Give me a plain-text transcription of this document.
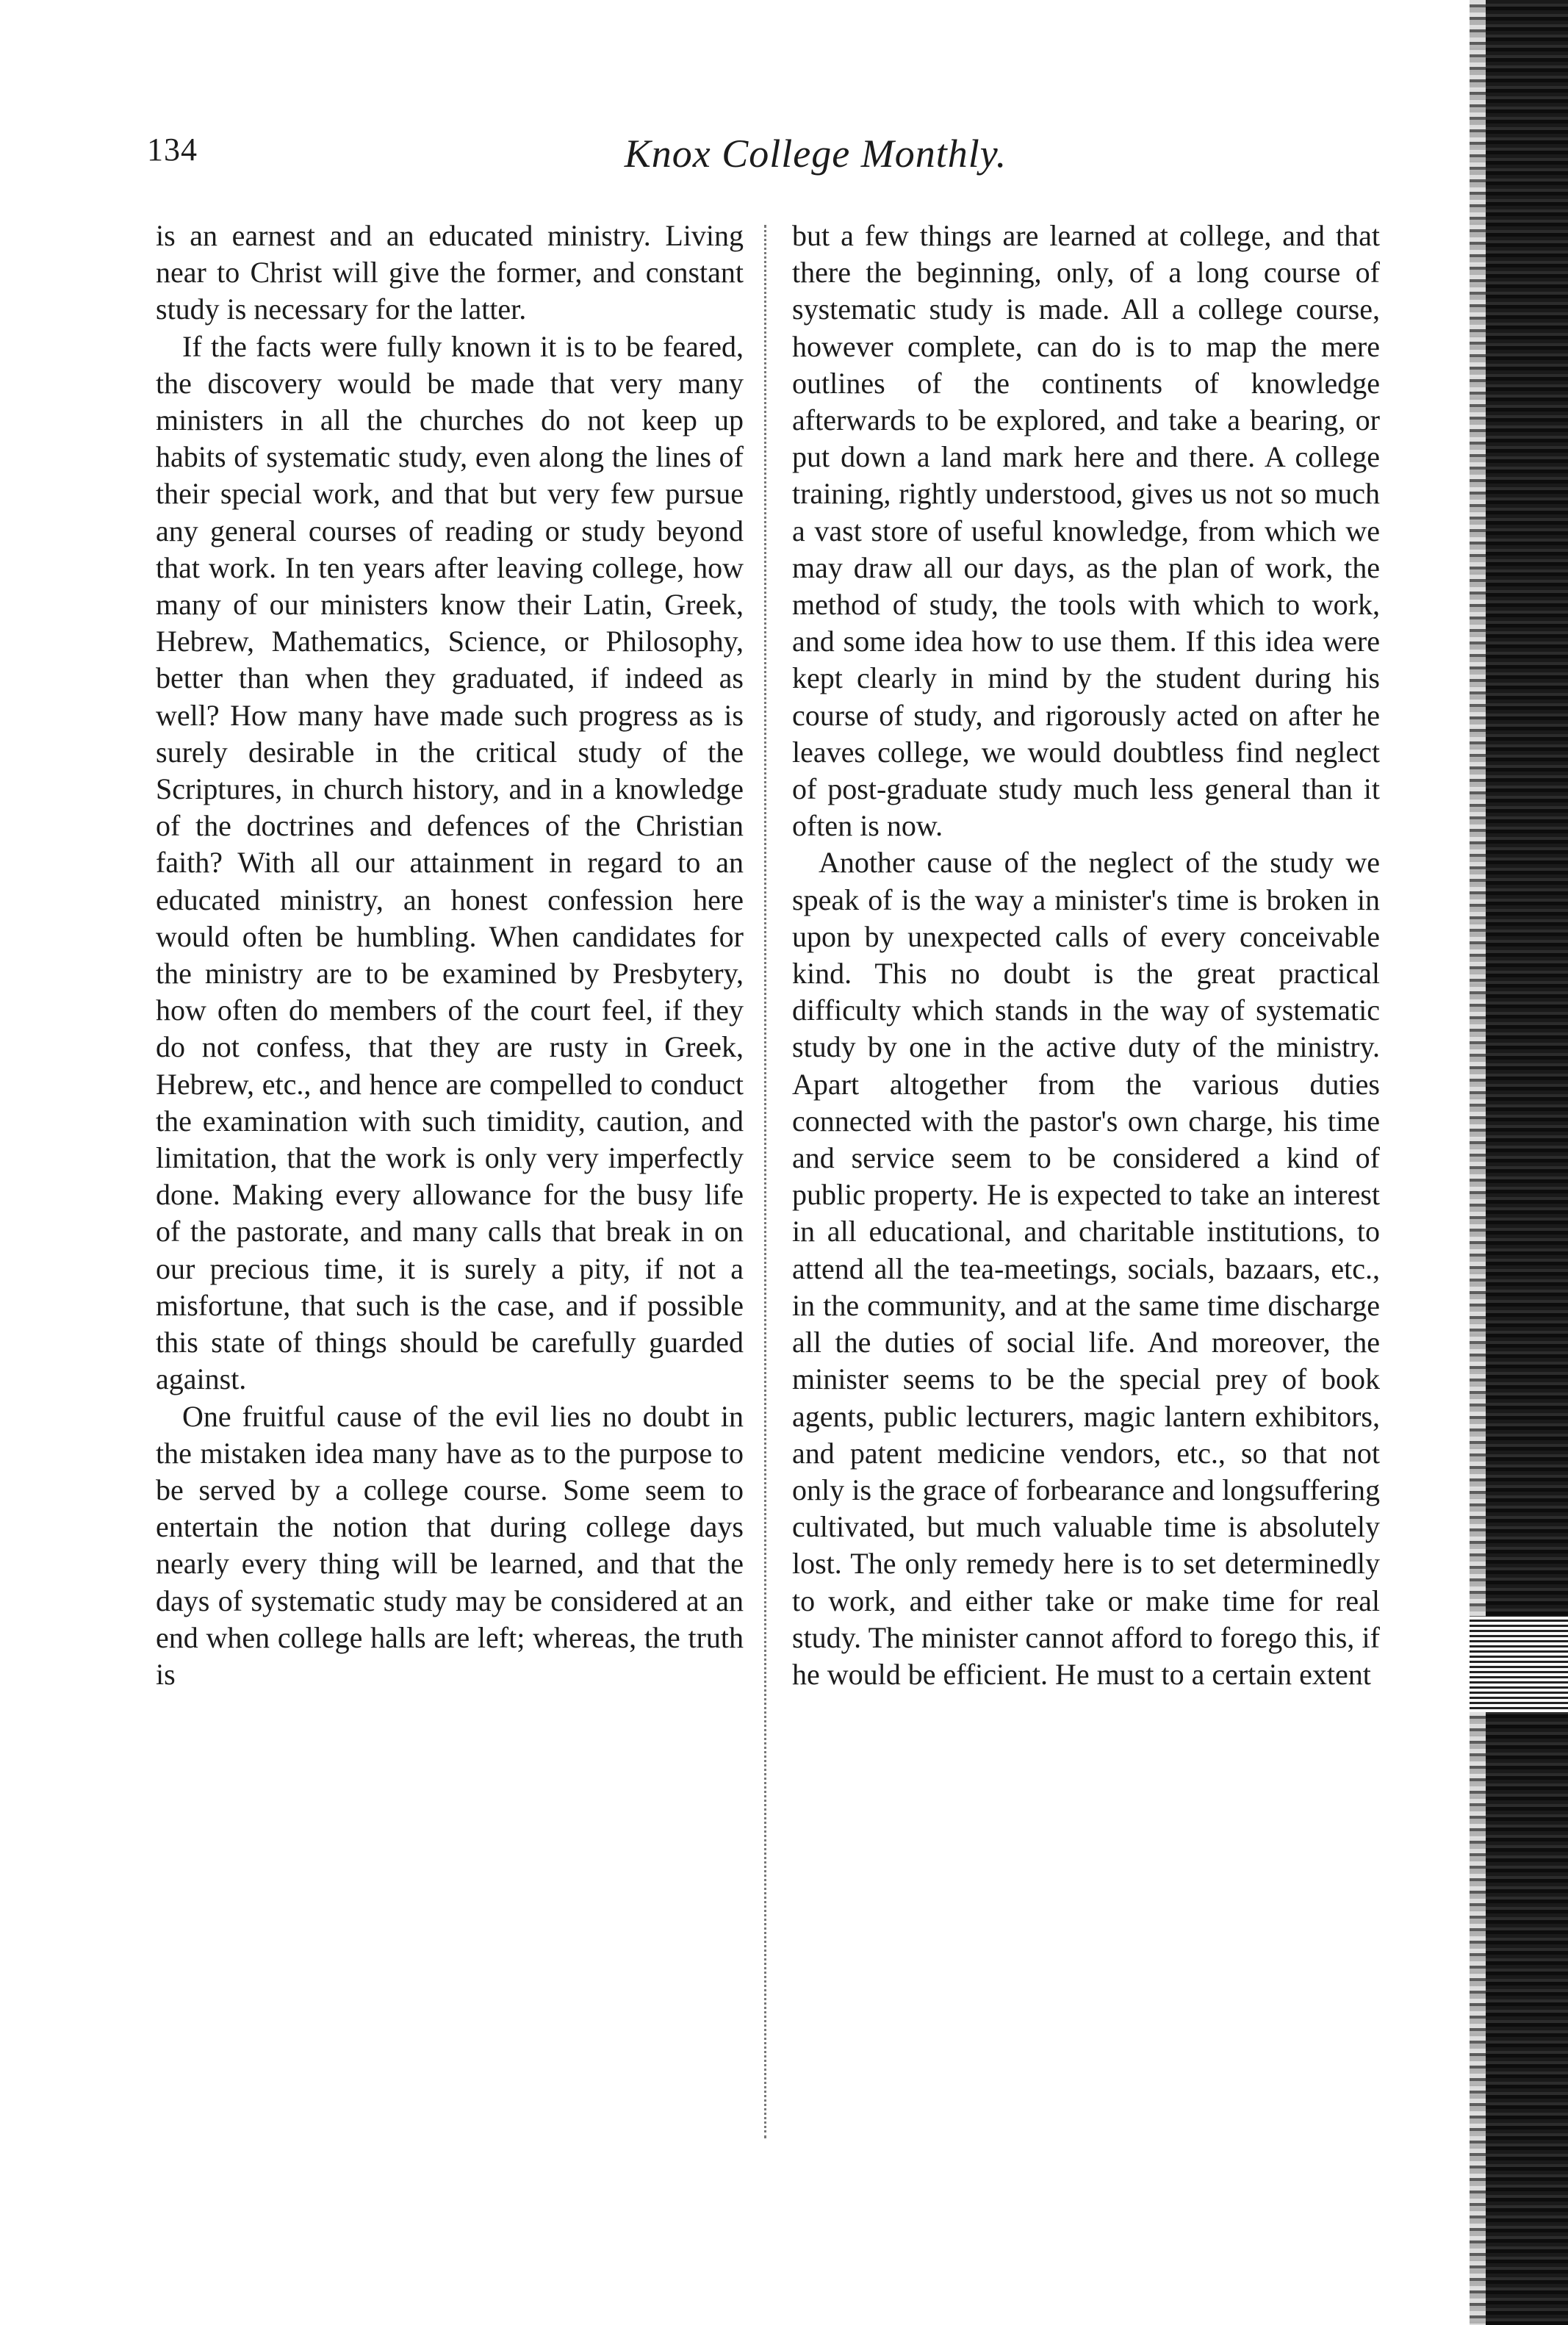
134	Knox College Monthly.

is an earnest and an educated ministry. Living near to Christ will give the former, and constant study is necessary for the latter.

If the facts were fully known it is to be feared, the discovery would be made that very many ministers in all the churches do not keep up habits of systematic study, even along the lines of their special work, and that but very few pursue any general courses of reading or study beyond that work. In ten years after leaving college, how many of our ministers know their Latin, Greek, Hebrew, Mathematics, Science, or Philosophy, better than when they graduated, if indeed as well? How many have made such progress as is surely desirable in the critical study of the Scriptures, in church history, and in a knowledge of the doctrines and defences of the Christian faith? With all our attainment in regard to an educated ministry, an honest confession here would often be humbling. When candidates for the ministry are to be examined by Presbytery, how often do members of the court feel, if they do not confess, that they are rusty in Greek, Hebrew, etc., and hence are compelled to conduct the examination with such timidity, caution, and limitation, that the work is only very imperfectly done. Making every allowance for the busy life of the pastorate, and many calls that break in on our precious time, it is surely a pity, if not a misfortune, that such is the case, and if possible this state of things should be carefully guarded against.

One fruitful cause of the evil lies no doubt in the mistaken idea many have as to the purpose to be served by a college course. Some seem to entertain the notion that during college days nearly every thing will be learned, and that the days of systematic study may be considered at an end when college halls are left; whereas, the truth is

but a few things are learned at college, and that there the beginning, only, of a long course of systematic study is made. All a college course, however complete, can do is to map the mere outlines of the continents of knowledge afterwards to be explored, and take a bearing, or put down a land mark here and there. A college training, rightly understood, gives us not so much a vast store of useful knowledge, from which we may draw all our days, as the plan of work, the method of study, the tools with which to work, and some idea how to use them. If this idea were kept clearly in mind by the student during his course of study, and rigorously acted on after he leaves college, we would doubtless find neglect of post-graduate study much less general than it often is now.

Another cause of the neglect of the study we speak of is the way a minister's time is broken in upon by unexpected calls of every conceivable kind. This no doubt is the great practical difficulty which stands in the way of systematic study by one in the active duty of the ministry. Apart altogether from the various duties connected with the pastor's own charge, his time and service seem to be considered a kind of public property. He is expected to take an interest in all educational, and charitable institutions, to attend all the tea-meetings, socials, bazaars, etc., in the community, and at the same time discharge all the duties of social life. And moreover, the minister seems to be the special prey of book agents, public lecturers, magic lantern exhibitors, and patent medicine vendors, etc., so that not only is the grace of forbearance and longsuffering cultivated, but much valuable time is absolutely lost. The only remedy here is to set determinedly to work, and either take or make time for real study. The minister cannot afford to forego this, if he would be efficient. He must to a certain extent
